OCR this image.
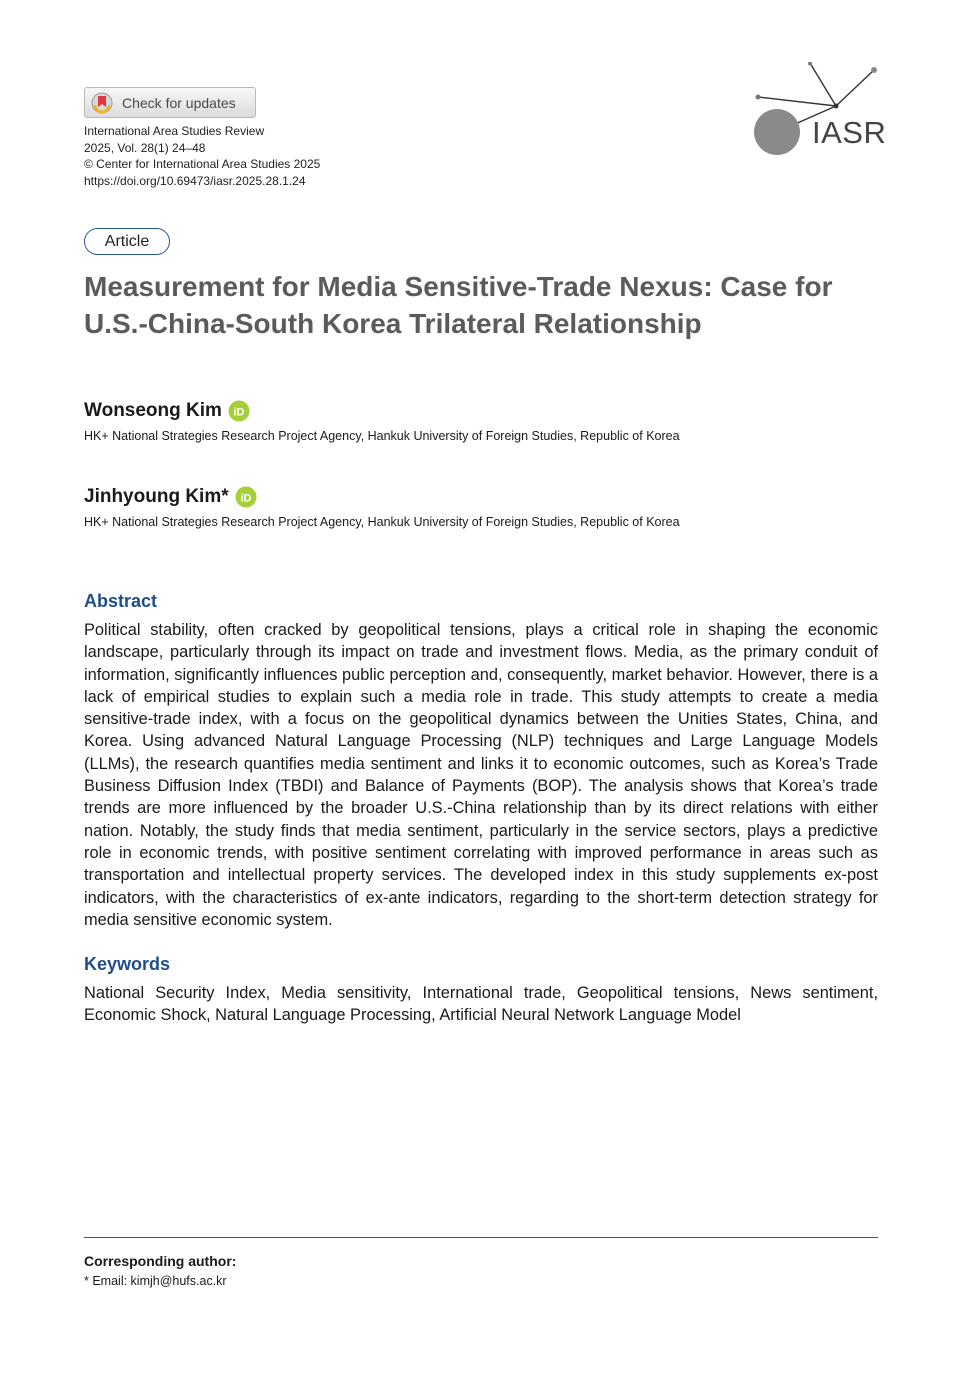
Check for updates
International Area Studies Review
2025, Vol. 28(1) 24–48
© Center for International Area Studies 2025
https://doi.org/10.69473/iasr.2025.28.1.24
IASR
Article
Measurement for Media Sensitive-Trade Nexus: Case for U.S.-China-South Korea Trilateral Relationship
Wonseong Kim iD
HK+ National Strategies Research Project Agency, Hankuk University of Foreign Studies, Republic of Korea
Jinhyoung Kim* iD
HK+ National Strategies Research Project Agency, Hankuk University of Foreign Studies, Republic of Korea
Abstract

Political stability, often cracked by geopolitical tensions, plays a critical role in shaping the economic landscape, particularly through its impact on trade and investment flows. Media, as the primary conduit of information, significantly influences public perception and, consequently, market behavior. However, there is a lack of empirical studies to explain such a media role in trade. This study attempts to create a media sensitive-trade index, with a focus on the geopolitical dynamics between the Unities States, China, and Korea. Using advanced Natural Language Processing (NLP) techniques and Large Language Models (LLMs), the research quantifies media sentiment and links it to economic outcomes, such as Korea’s Trade Business Diffusion Index (TBDI) and Balance of Payments (BOP). The analysis shows that Korea’s trade trends are more influenced by the broader U.S.-China relationship than by its direct relations with either nation. Notably, the study finds that media sentiment, particularly in the service sectors, plays a predictive role in economic trends, with positive sentiment correlating with improved performance in areas such as transportation and intellectual property services. The developed index in this study supplements ex-post indicators, with the characteristics of ex-ante indicators, regarding to the short-term detection strategy for media sensitive economic system.

Keywords

National Security Index, Media sensitivity, International trade, Geopolitical tensions, News sentiment, Economic Shock, Natural Language Processing, Artificial Neural Network Language Model

Corresponding author:
* Email: kimjh@hufs.ac.kr
